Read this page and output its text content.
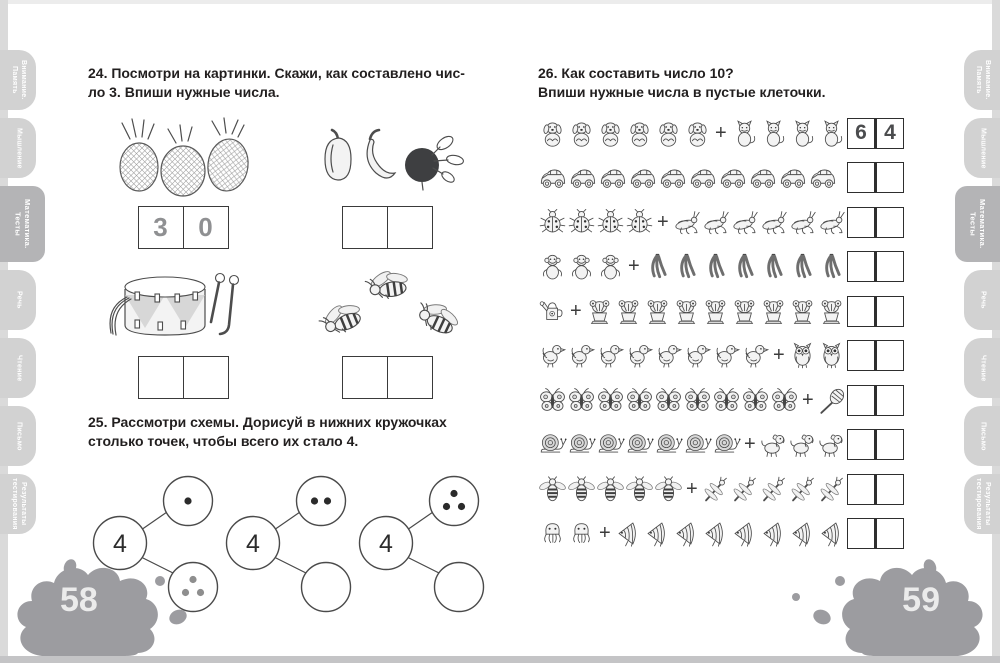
Внимание. Память
Мышление
Математика. Тесты
Речь
Чтение
Письмо
Результаты тестирования
Внимание. Память
Мышление
Математика. Тесты
Речь
Чтение
Письмо
Результаты тестирования
58	59
24. Посмотри на картинки. Скажи, как составлено чис-
ло 3. Впиши нужные числа.
3	0
25. Рассмотри схемы. Дорисуй в нижних кружочках
столько точек, чтобы всего их стало 4.
4	4	4
26. Как составить число 10?
Впиши нужные числа в пустые клеточки.
+	6 4
+
+
+
+
+
+
+
+
